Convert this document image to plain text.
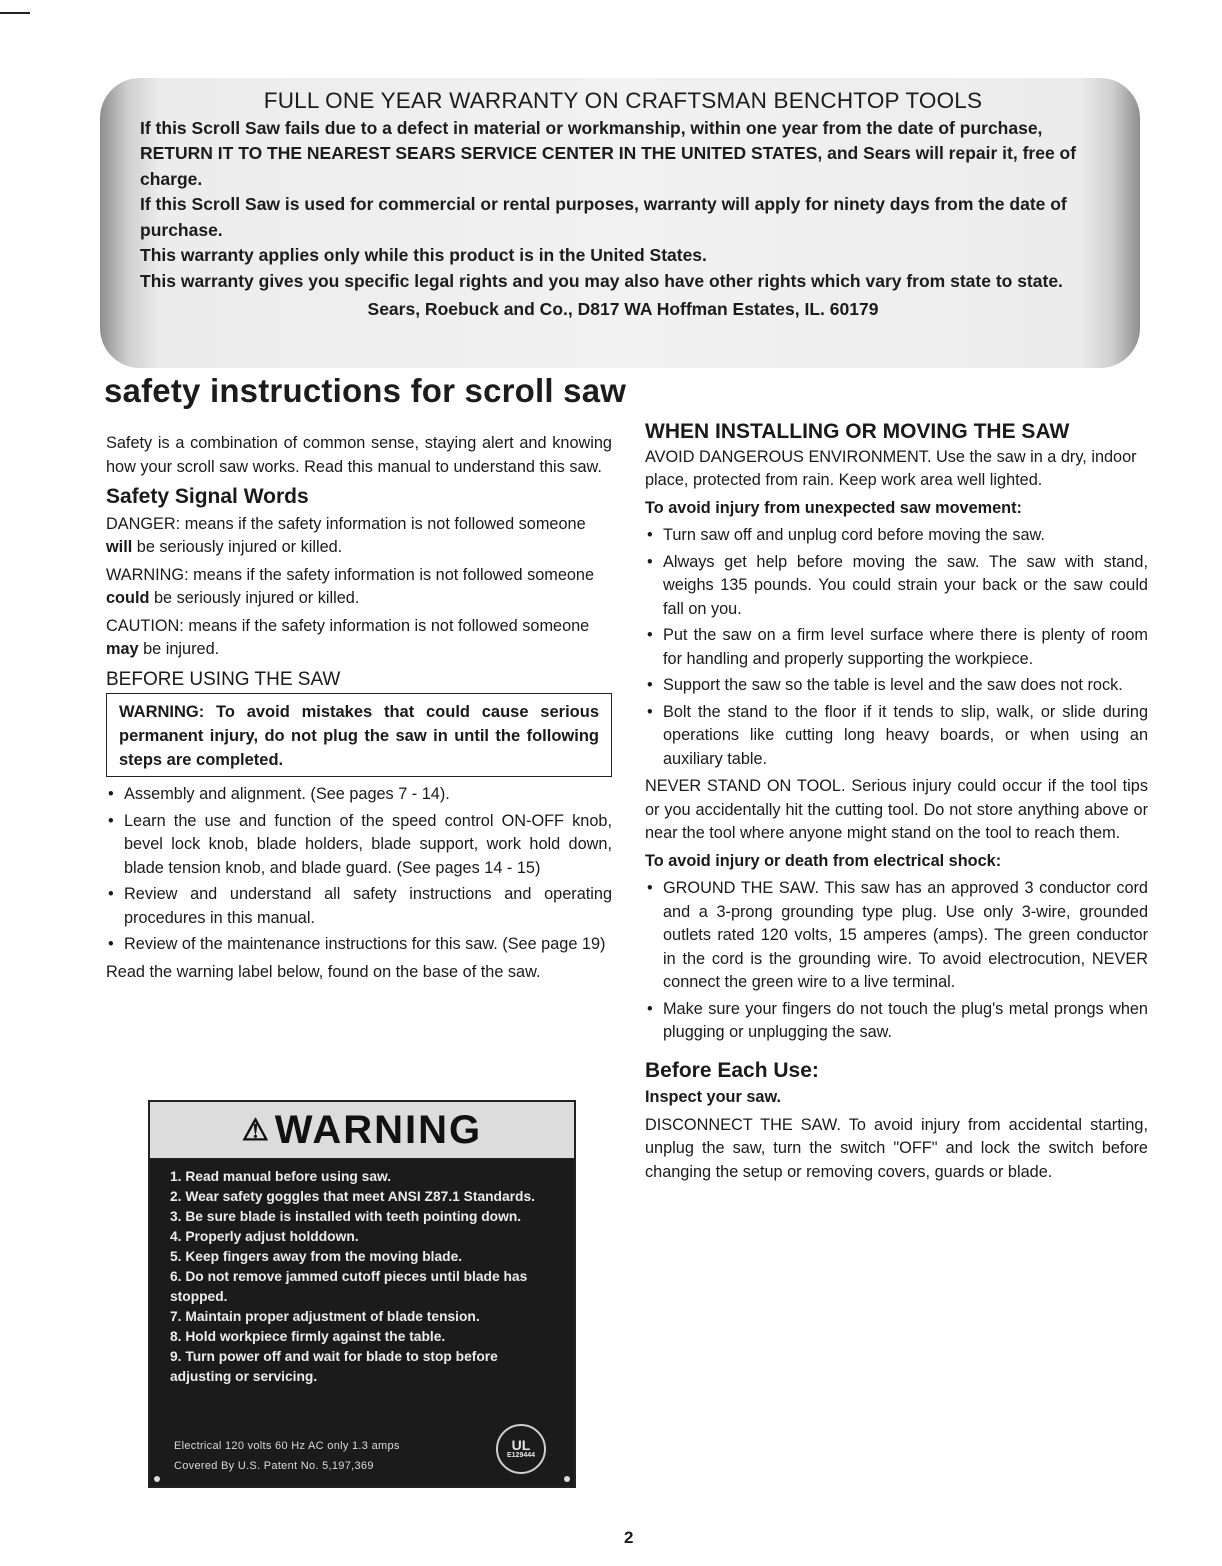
FULL ONE YEAR WARRANTY ON CRAFTSMAN BENCHTOP TOOLS

If this Scroll Saw fails due to a defect in material or workmanship, within one year from the date of purchase, RETURN IT TO THE NEAREST SEARS SERVICE CENTER IN THE UNITED STATES, and Sears will repair it, free of charge.

If this Scroll Saw is used for commercial or rental purposes, warranty will apply for ninety days from the date of purchase.

This warranty applies only while this product is in the United States.

This warranty gives you specific legal rights and you may also have other rights which vary from state to state.

Sears, Roebuck and Co., D817 WA Hoffman Estates, IL. 60179

safety instructions for scroll saw

Safety is a combination of common sense, staying alert and knowing how your scroll saw works. Read this manual to understand this saw.

Safety Signal Words

DANGER: means if the safety information is not followed someone will be seriously injured or killed.

WARNING: means if the safety information is not followed someone could be seriously injured or killed.

CAUTION: means if the safety information is not followed someone may be injured.

BEFORE USING THE SAW
WARNING: To avoid mistakes that could cause serious permanent injury, do not plug the saw in until the following steps are completed.
• Assembly and alignment. (See pages 7 - 14).
• Learn the use and function of the speed control ON-OFF knob, bevel lock knob, blade holders, blade support, work hold down, blade tension knob, and blade guard. (See pages 14 - 15)
• Review and understand all safety instructions and operating procedures in this manual.
• Review of the maintenance instructions for this saw. (See page 19)

Read the warning label below, found on the base of the saw.

⚠ WARNING
1. Read manual before using saw.
2. Wear safety goggles that meet ANSI Z87.1 Standards.
3. Be sure blade is installed with teeth pointing down.
4. Properly adjust holddown.
5. Keep fingers away from the moving blade.
6. Do not remove jammed cutoff pieces until blade has stopped.
7. Maintain proper adjustment of blade tension.
8. Hold workpiece firmly against the table.
9. Turn power off and wait for blade to stop before adjusting or servicing.
Electrical 120 volts 60 Hz AC only 1.3 amps
Covered By U.S. Patent No. 5,197,369
UL
E129444
WHEN INSTALLING OR MOVING THE SAW

AVOID DANGEROUS ENVIRONMENT. Use the saw in a dry, indoor place, protected from rain. Keep work area well lighted.

To avoid injury from unexpected saw movement:

• Turn saw off and unplug cord before moving the saw.
• Always get help before moving the saw. The saw with stand, weighs 135 pounds. You could strain your back or the saw could fall on you.
• Put the saw on a firm level surface where there is plenty of room for handling and properly supporting the workpiece.
• Support the saw so the table is level and the saw does not rock.
• Bolt the stand to the floor if it tends to slip, walk, or slide during operations like cutting long heavy boards, or when using an auxiliary table.

NEVER STAND ON TOOL. Serious injury could occur if the tool tips or you accidentally hit the cutting tool. Do not store anything above or near the tool where anyone might stand on the tool to reach them.

To avoid injury or death from electrical shock:

• GROUND THE SAW. This saw has an approved 3 conductor cord and a 3-prong grounding type plug. Use only 3-wire, grounded outlets rated 120 volts, 15 amperes (amps). The green conductor in the cord is the grounding wire. To avoid electrocution, NEVER connect the green wire to a live terminal.
• Make sure your fingers do not touch the plug's metal prongs when plugging or unplugging the saw.
Before Each Use:

Inspect your saw.

DISCONNECT THE SAW. To avoid injury from accidental starting, unplug the saw, turn the switch "OFF" and lock the switch before changing the setup or removing covers, guards or blade.

2
